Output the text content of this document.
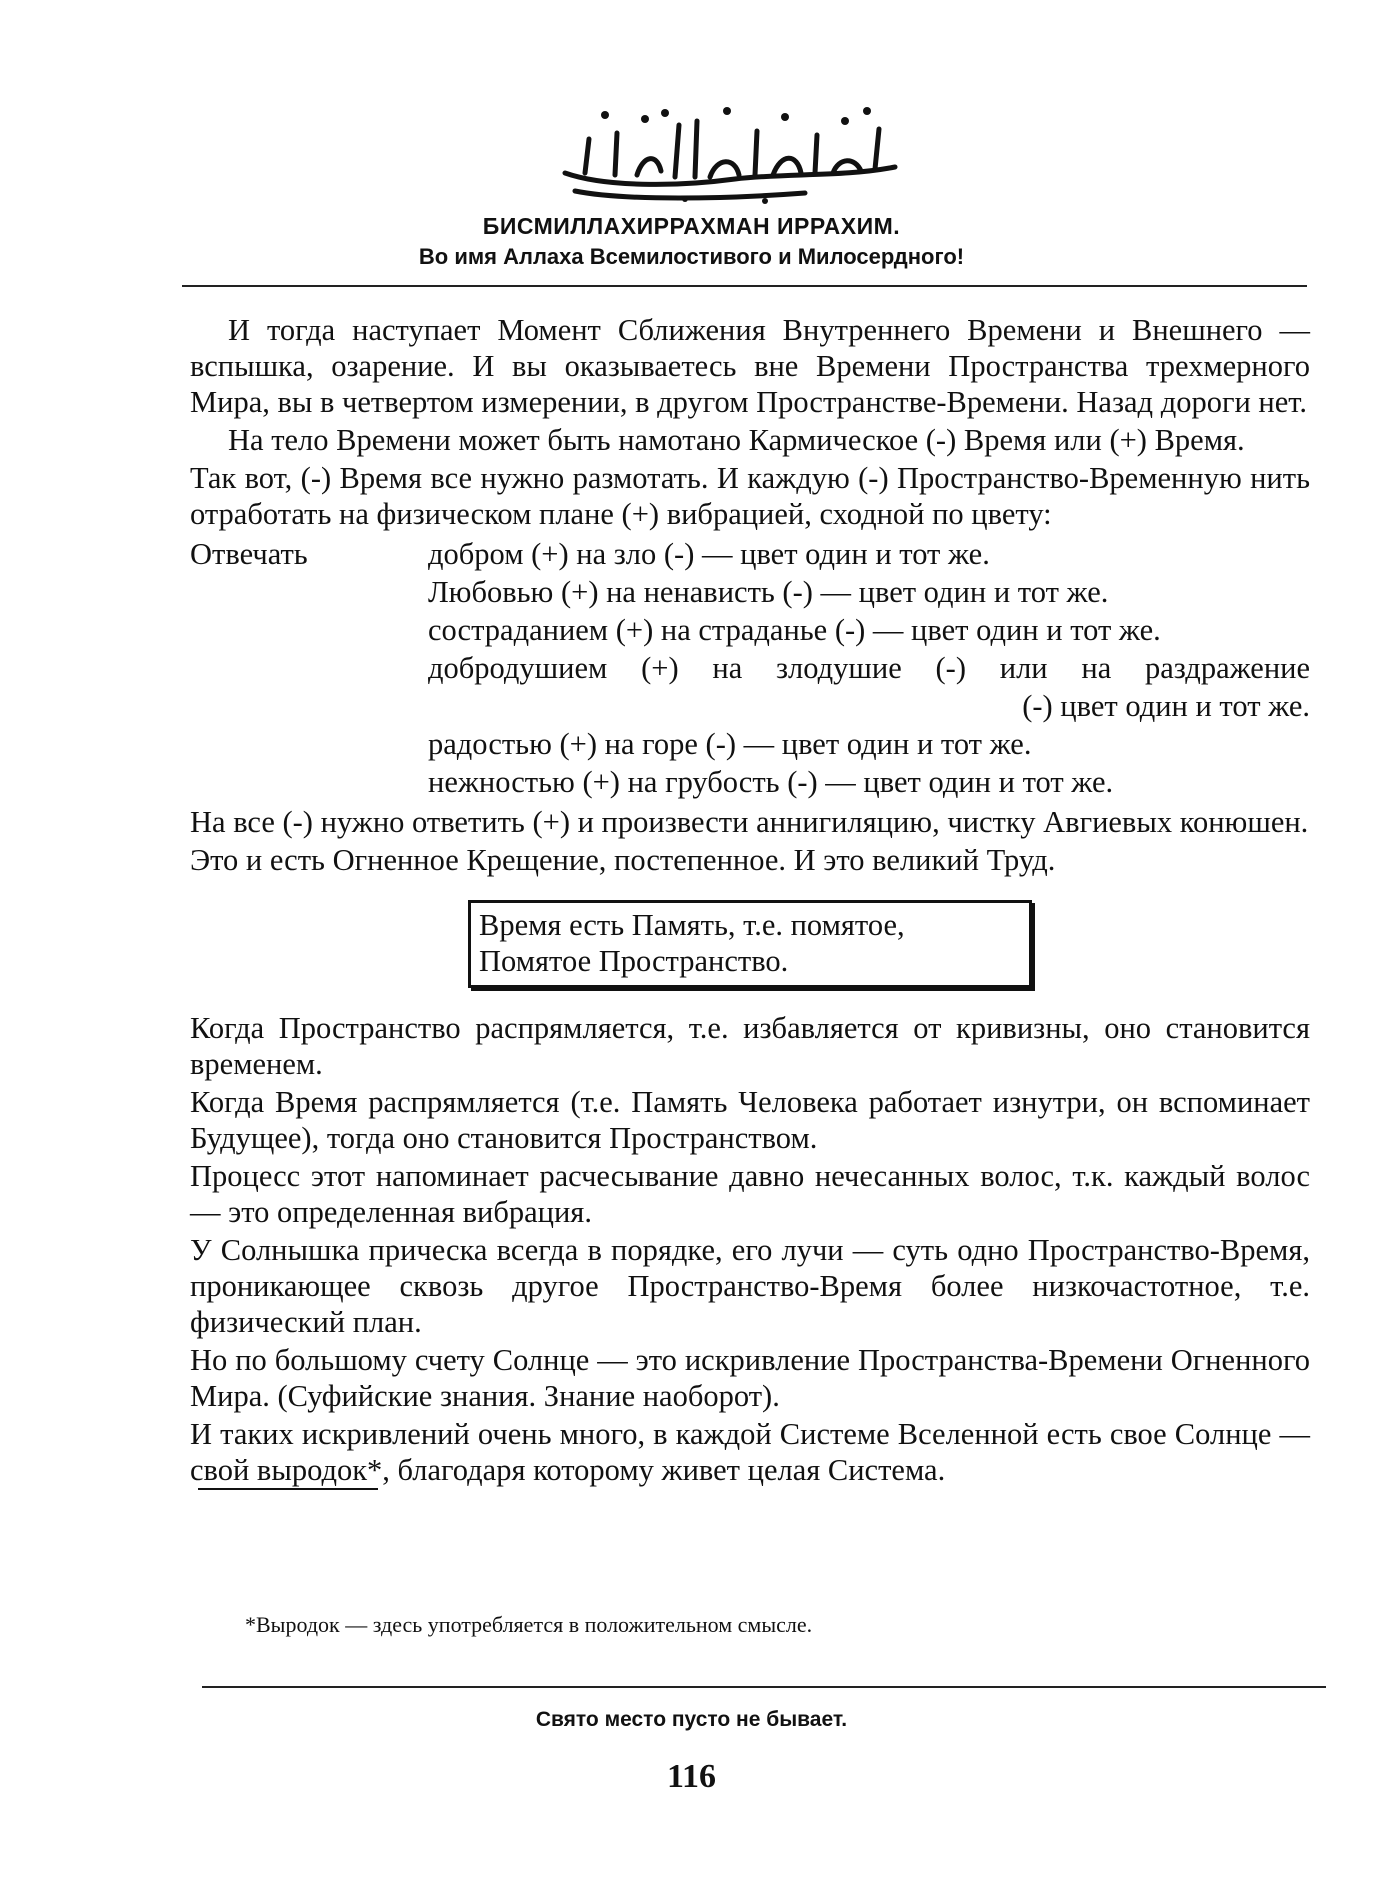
БИСМИЛЛАХИРРАХМАН ИРРАХИМ.
Во имя Аллаха Всемилостивого и Милосердного!

И тогда наступает Момент Сближения Внутреннего Времени и Внешнего — вспышка, озарение. И вы оказываетесь вне Времени Пространства трехмерного Мира, вы в четвертом измерении, в другом Пространстве-Времени. Назад дороги нет.

На тело Времени может быть намотано Кармическое (-) Время или (+) Время.

Так вот, (-) Время все нужно размотать. И каждую (-) Пространство-Временную нить отработать на физическом плане (+) вибрацией, сходной по цвету:

Отвечать	добром (+) на зло (-) — цвет один и тот же.
Любовью (+) на ненависть (-) — цвет один и тот же.
состраданием (+) на страданье (-) — цвет один и тот же.
добродушием (+) на злодушие (-) или на раздражение
(-) цвет один и тот же.
радостью (+) на горе (-) — цвет один и тот же.
нежностью (+) на грубость (-) — цвет один и тот же.

На все (-) нужно ответить (+) и произвести аннигиляцию, чистку Авгиевых конюшен.

Это и есть Огненное Крещение, постепенное. И это великий Труд.

Время есть Память, т.е. помятое,
Помятое Пространство.

Когда Пространство распрямляется, т.е. избавляется от кривизны, оно становится временем.

Когда Время распрямляется (т.е. Память Человека работает изнутри, он вспоминает Будущее), тогда оно становится Пространством.

Процесс этот напоминает расчесывание давно нечесанных волос, т.к. каждый волос — это определенная вибрация.

У Солнышка прическа всегда в порядке, его лучи — суть одно Пространство-Время, проникающее сквозь другое Пространство-Время более низкочастотное, т.е. физический план.

Но по большому счету Солнце — это искривление Пространства-Времени Огненного Мира. (Суфийские знания. Знание наоборот).

И таких искривлений очень много, в каждой Системе Вселенной есть свое Солнце — свой выродок*, благодаря которому живет целая Система.

*Выродок — здесь употребляется в положительном смысле.
Свято место пусто не бывает.
116
